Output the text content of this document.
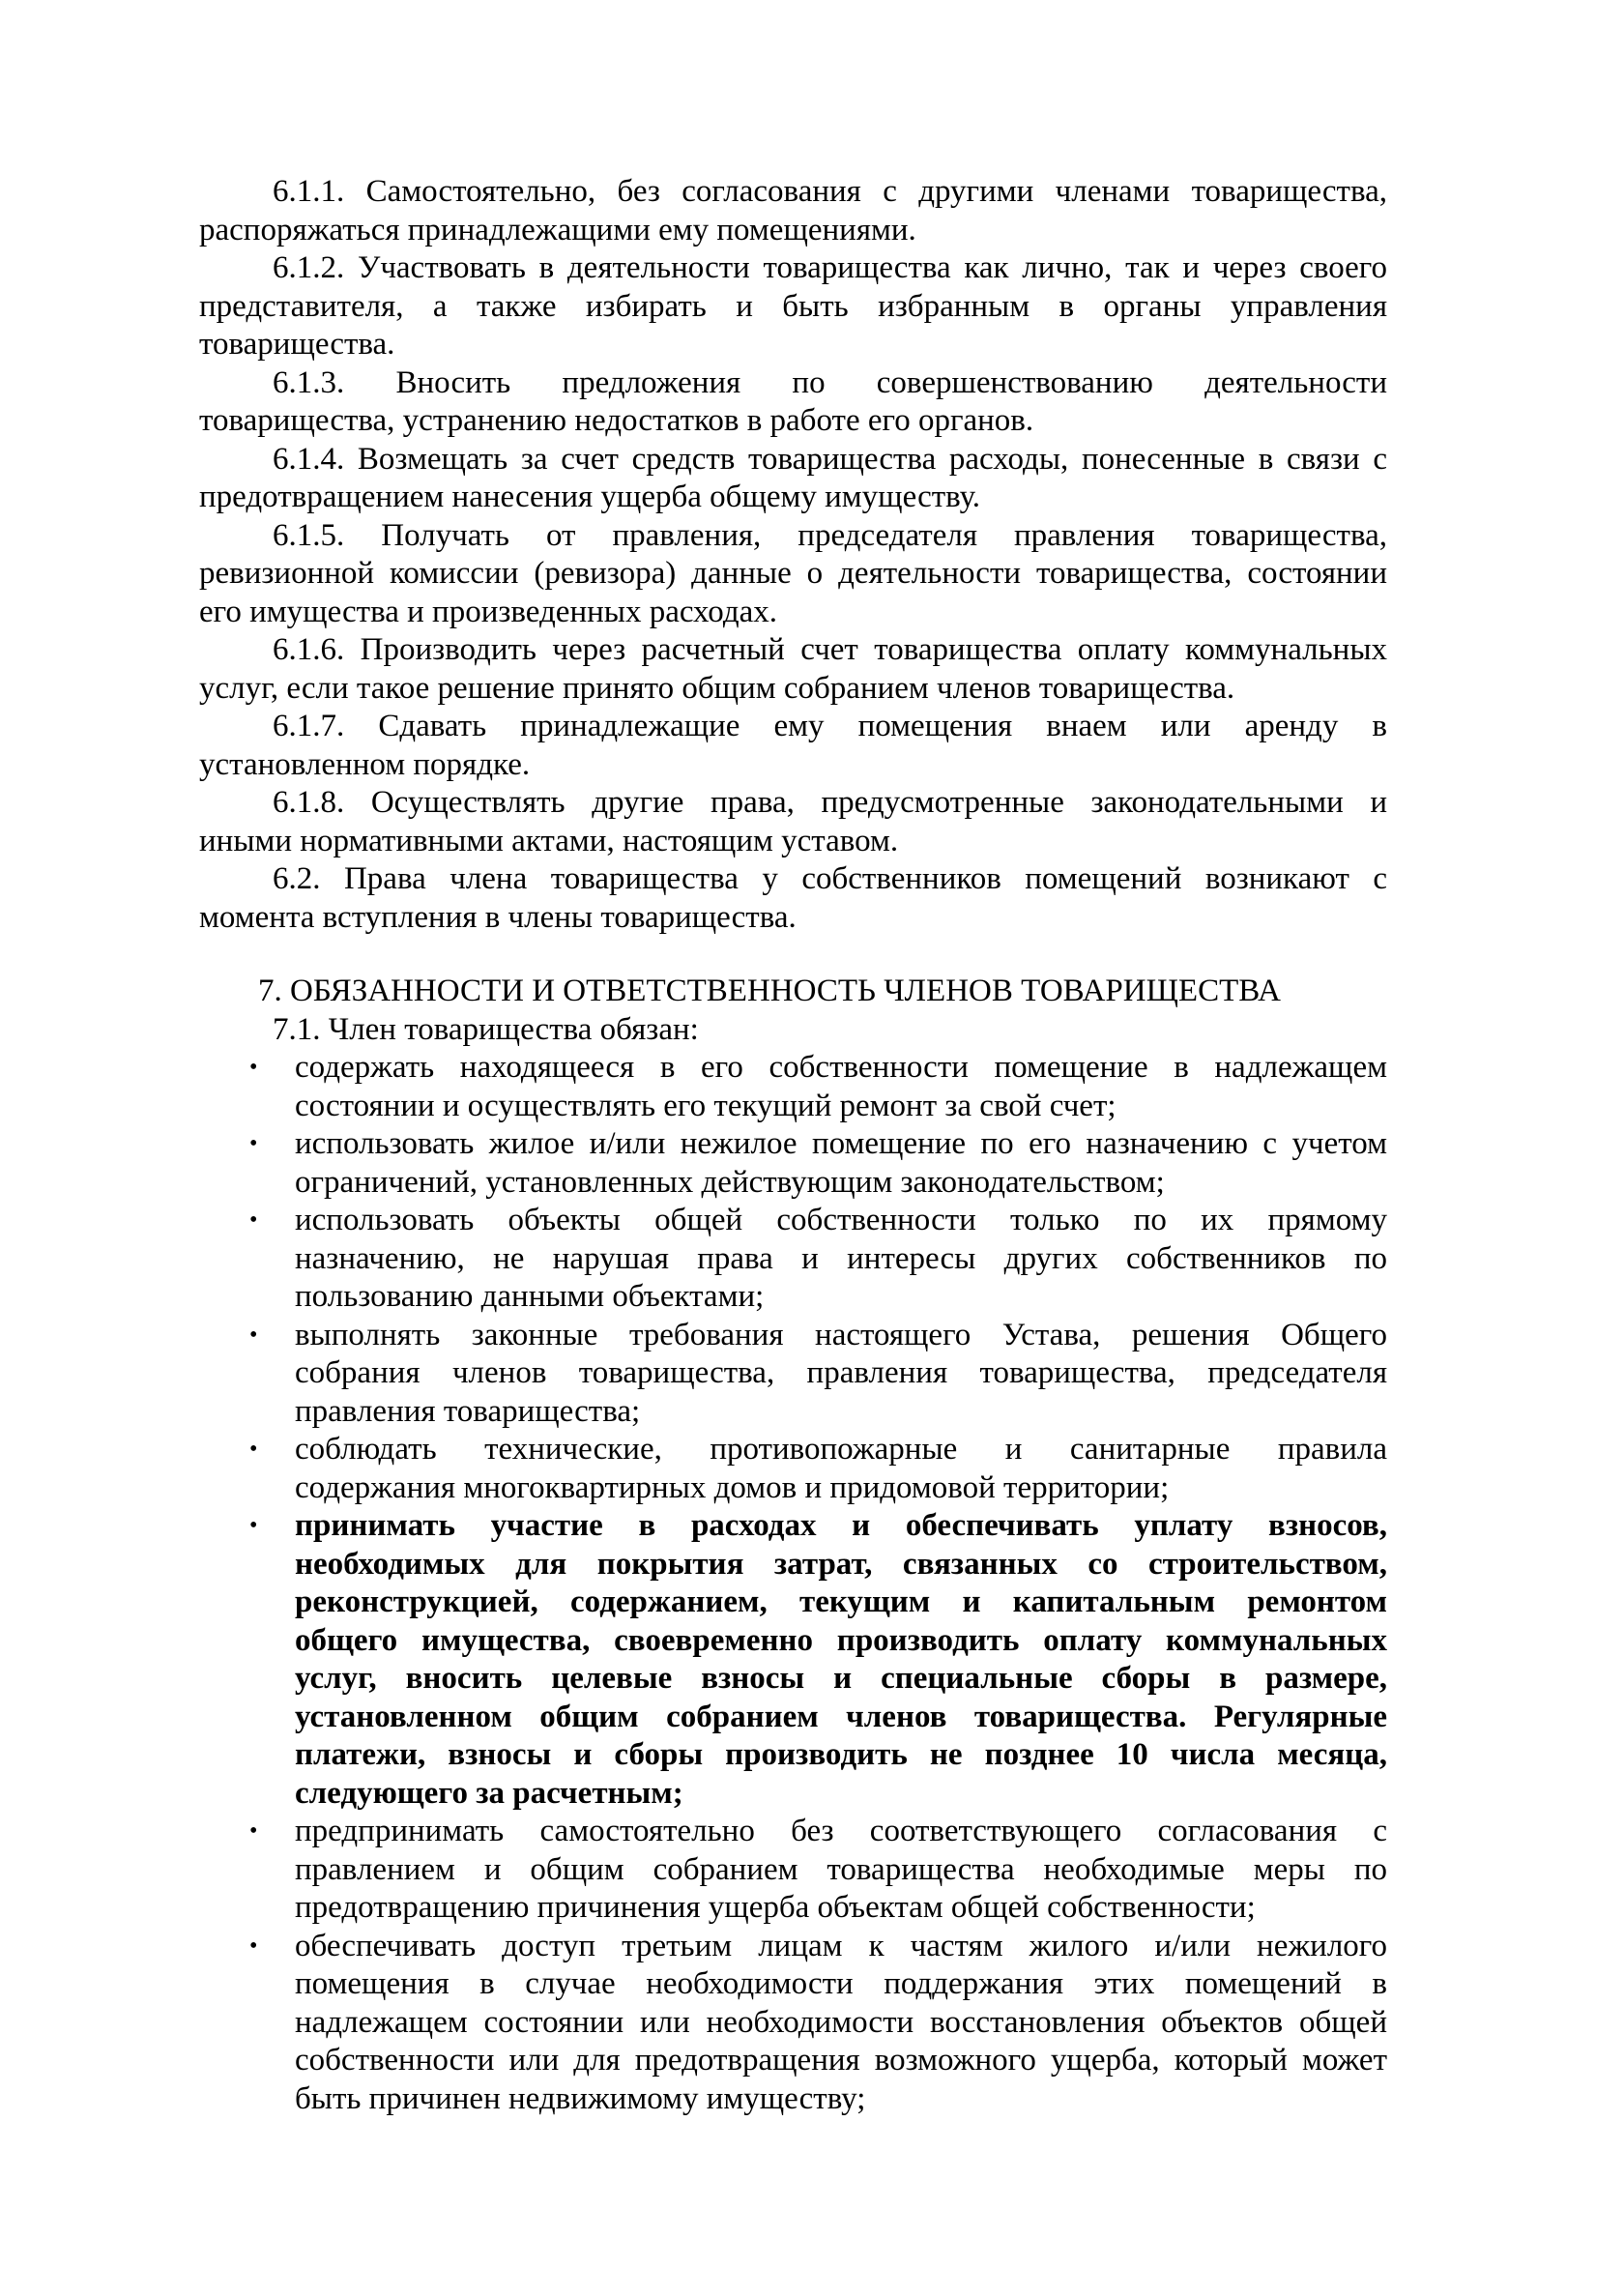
6.1.1. Самостоятельно, без согласования с другими членами товарищества,
распоряжаться принадлежащими ему помещениями.
6.1.2. Участвовать в деятельности товарищества как лично, так и через своего
представителя, а также избирать и быть избранным в органы управления
товарищества.
6.1.3. Вносить предложения по совершенствованию деятельности
товарищества, устранению недостатков в работе его органов.
6.1.4. Возмещать за счет средств товарищества расходы, понесенные в связи с
предотвращением нанесения ущерба общему имуществу.
6.1.5. Получать от правления, председателя правления товарищества,
ревизионной комиссии (ревизора) данные о деятельности товарищества, состоянии
его имущества и произведенных расходах.
6.1.6. Производить через расчетный счет товарищества оплату коммунальных
услуг, если такое решение принято общим собранием членов товарищества.
6.1.7. Сдавать принадлежащие ему помещения внаем или аренду в
установленном порядке.
6.1.8. Осуществлять другие права, предусмотренные законодательными и
иными нормативными актами, настоящим уставом.
6.2. Права члена товарищества у собственников помещений возникают с
момента вступления в члены товарищества.
7. ОБЯЗАННОСТИ И ОТВЕТСТВЕННОСТЬ ЧЛЕНОВ ТОВАРИЩЕСТВА
7.1. Член товарищества обязан:
• содержать находящееся в его собственности помещение в надлежащем
состоянии и осуществлять его текущий ремонт за свой счет;
• использовать жилое и/или нежилое помещение по его назначению с учетом
ограничений, установленных действующим законодательством;
• использовать объекты общей собственности только по их прямому
назначению, не нарушая права и интересы других собственников по
пользованию данными объектами;
• выполнять законные требования настоящего Устава, решения Общего
собрания членов товарищества, правления товарищества, председателя
правления товарищества;
• соблюдать технические, противопожарные и санитарные правила
содержания многоквартирных домов и придомовой территории;
• принимать участие в расходах и обеспечивать уплату взносов,
необходимых для покрытия затрат, связанных со строительством,
реконструкцией, содержанием, текущим и капитальным ремонтом
общего имущества, своевременно производить оплату коммунальных
услуг, вносить целевые взносы и специальные сборы в размере,
установленном общим собранием членов товарищества. Регулярные
платежи, взносы и сборы производить не позднее 10 числа месяца,
следующего за расчетным;
• предпринимать самостоятельно без соответствующего согласования с
правлением и общим собранием товарищества необходимые меры по
предотвращению причинения ущерба объектам общей собственности;
• обеспечивать доступ третьим лицам к частям жилого и/или нежилого
помещения в случае необходимости поддержания этих помещений в
надлежащем состоянии или необходимости восстановления объектов общей
собственности или для предотвращения возможного ущерба, который может
быть причинен недвижимому имуществу;
